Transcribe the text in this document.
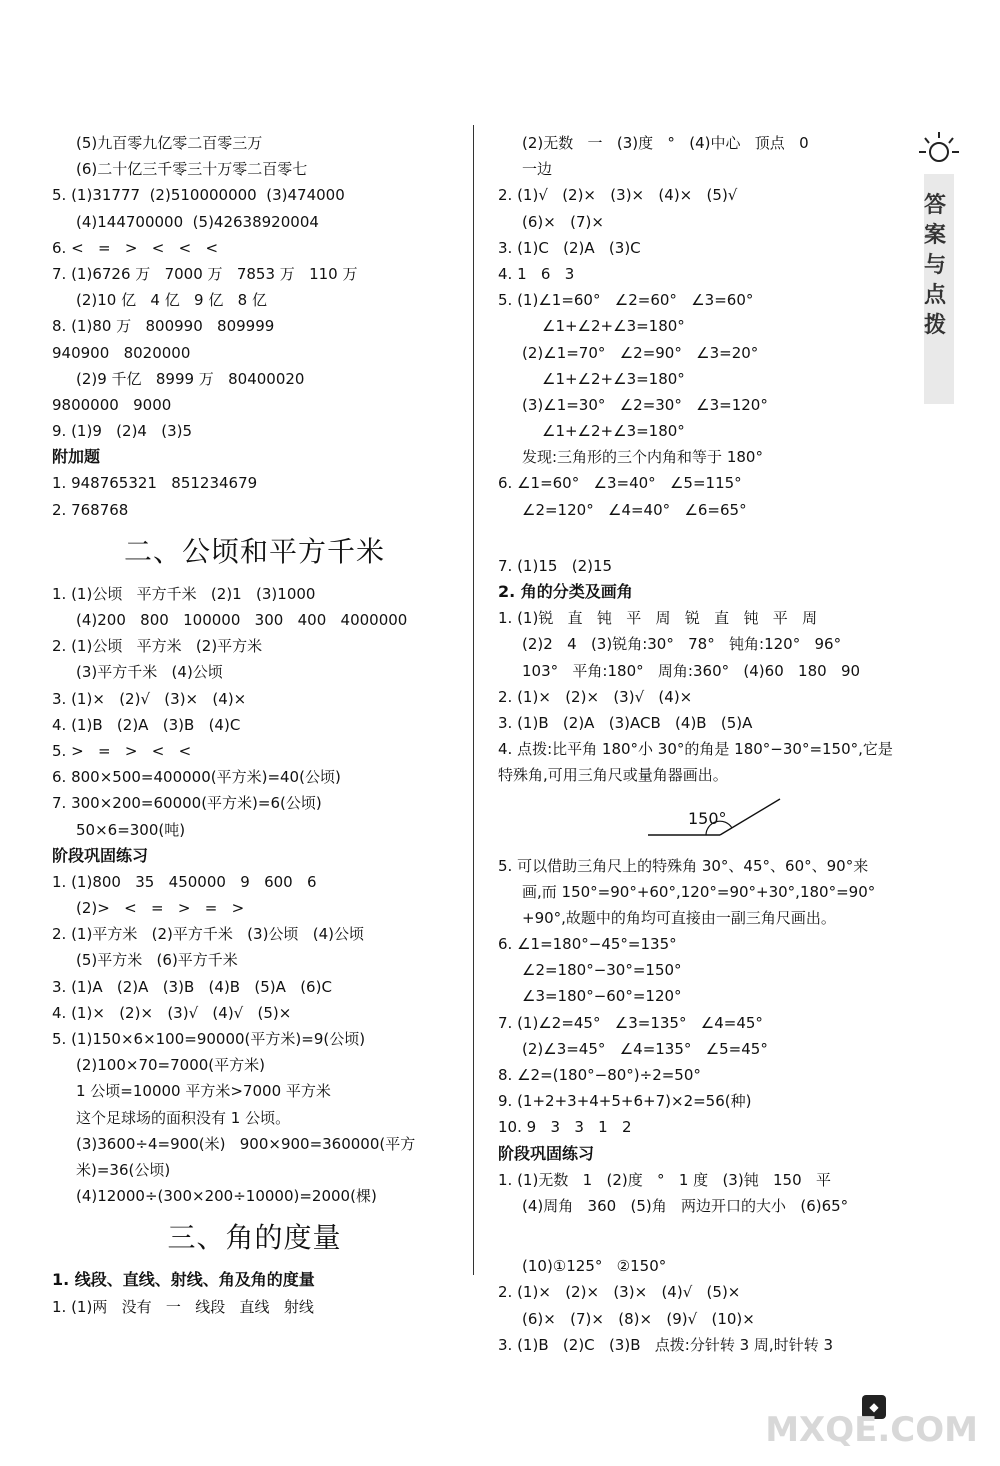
(5)九百零九亿零二百零三万
(6)二十亿三千零三十万零二百零七
5. (1)31777  (2)510000000  (3)474000
(4)144700000  (5)42638920004
6. <   =   >   <   <   <
7. (1)6726 万   7000 万   7853 万   110 万
(2)10 亿   4 亿   9 亿   8 亿
8. (1)80 万   800990   809999
940900   8020000
(2)9 千亿   8999 万   80400020
9800000   9000
9. (1)9   (2)4   (3)5
附加题
1. 948765321   851234679
2. 768768
二、公顷和平方千米
1. (1)公顷   平方千米   (2)1   (3)1000
(4)200   800   100000   300   400   4000000
2. (1)公顷   平方米   (2)平方米
(3)平方千米   (4)公顷
3. (1)×   (2)√   (3)×   (4)×
4. (1)B   (2)A   (3)B   (4)C
5. >   =   >   <   <
6. 800×500=400000(平方米)=40(公顷)
7. 300×200=60000(平方米)=6(公顷)
50×6=300(吨)
阶段巩固练习
1. (1)800   35   450000   9   600   6
(2)>   <   =   >   =   >
2. (1)平方米   (2)平方千米   (3)公顷   (4)公顷
(5)平方米   (6)平方千米
3. (1)A   (2)A   (3)B   (4)B   (5)A   (6)C
4. (1)×   (2)×   (3)√   (4)√   (5)×
5. (1)150×6×100=90000(平方米)=9(公顷)
(2)100×70=7000(平方米)
1 公顷=10000 平方米>7000 平方米
这个足球场的面积没有 1 公顷。
(3)3600÷4=900(米)   900×900=360000(平方
米)=36(公顷)
(4)12000÷(300×200÷10000)=2000(棵)
三、角的度量
1. 线段、直线、射线、角及角的度量
1. (1)两   没有   一   线段   直线   射线
(2)无数   一   (3)度   °   (4)中心   顶点   0
一边
2. (1)√   (2)×   (3)×   (4)×   (5)√
(6)×   (7)×
3. (1)C   (2)A   (3)C
4. 1   6   3
5. (1)∠1=60°   ∠2=60°   ∠3=60°
∠1+∠2+∠3=180°
(2)∠1=70°   ∠2=90°   ∠3=20°
∠1+∠2+∠3=180°
(3)∠1=30°   ∠2=30°   ∠3=120°
∠1+∠2+∠3=180°
发现:三角形的三个内角和等于 180°
6. ∠1=60°   ∠3=40°   ∠5=115°
∠2=120°   ∠4=40°   ∠6=65°

7. (1)15   (2)15
2. 角的分类及画角
1. (1)锐   直   钝   平   周   锐   直   钝   平   周
(2)2   4   (3)锐角:30°   78°   钝角:120°   96°
103°   平角:180°   周角:360°   (4)60   180   90
2. (1)×   (2)×   (3)√   (4)×
3. (1)B   (2)A   (3)ACB   (4)B   (5)A
4. 点拨:比平角 180°小 30°的角是 180°−30°=150°,它是
特殊角,可用三角尺或量角器画出。
150°
5. 可以借助三角尺上的特殊角 30°、45°、60°、90°来
画,而 150°=90°+60°,120°=90°+30°,180°=90°
+90°,故题中的角均可直接由一副三角尺画出。
6. ∠1=180°−45°=135°
∠2=180°−30°=150°
∠3=180°−60°=120°
7. (1)∠2=45°   ∠3=135°   ∠4=45°
(2)∠3=45°   ∠4=135°   ∠5=45°
8. ∠2=(180°−80°)÷2=50°
9. (1+2+3+4+5+6+7)×2=56(种)
10. 9   3   3   1   2
阶段巩固练习
1. (1)无数   1   (2)度   °   1 度   (3)钝   150   平
(4)周角   360   (5)角   两边开口的大小   (6)65°

(10)①125°   ②150°
2. (1)×   (2)×   (3)×   (4)√   (5)×
(6)×   (7)×   (8)×   (9)√   (10)×
3. (1)B   (2)C   (3)B   点拨:分针转 3 周,时针转 3
答案与点拨
◆
MXQE.COM
